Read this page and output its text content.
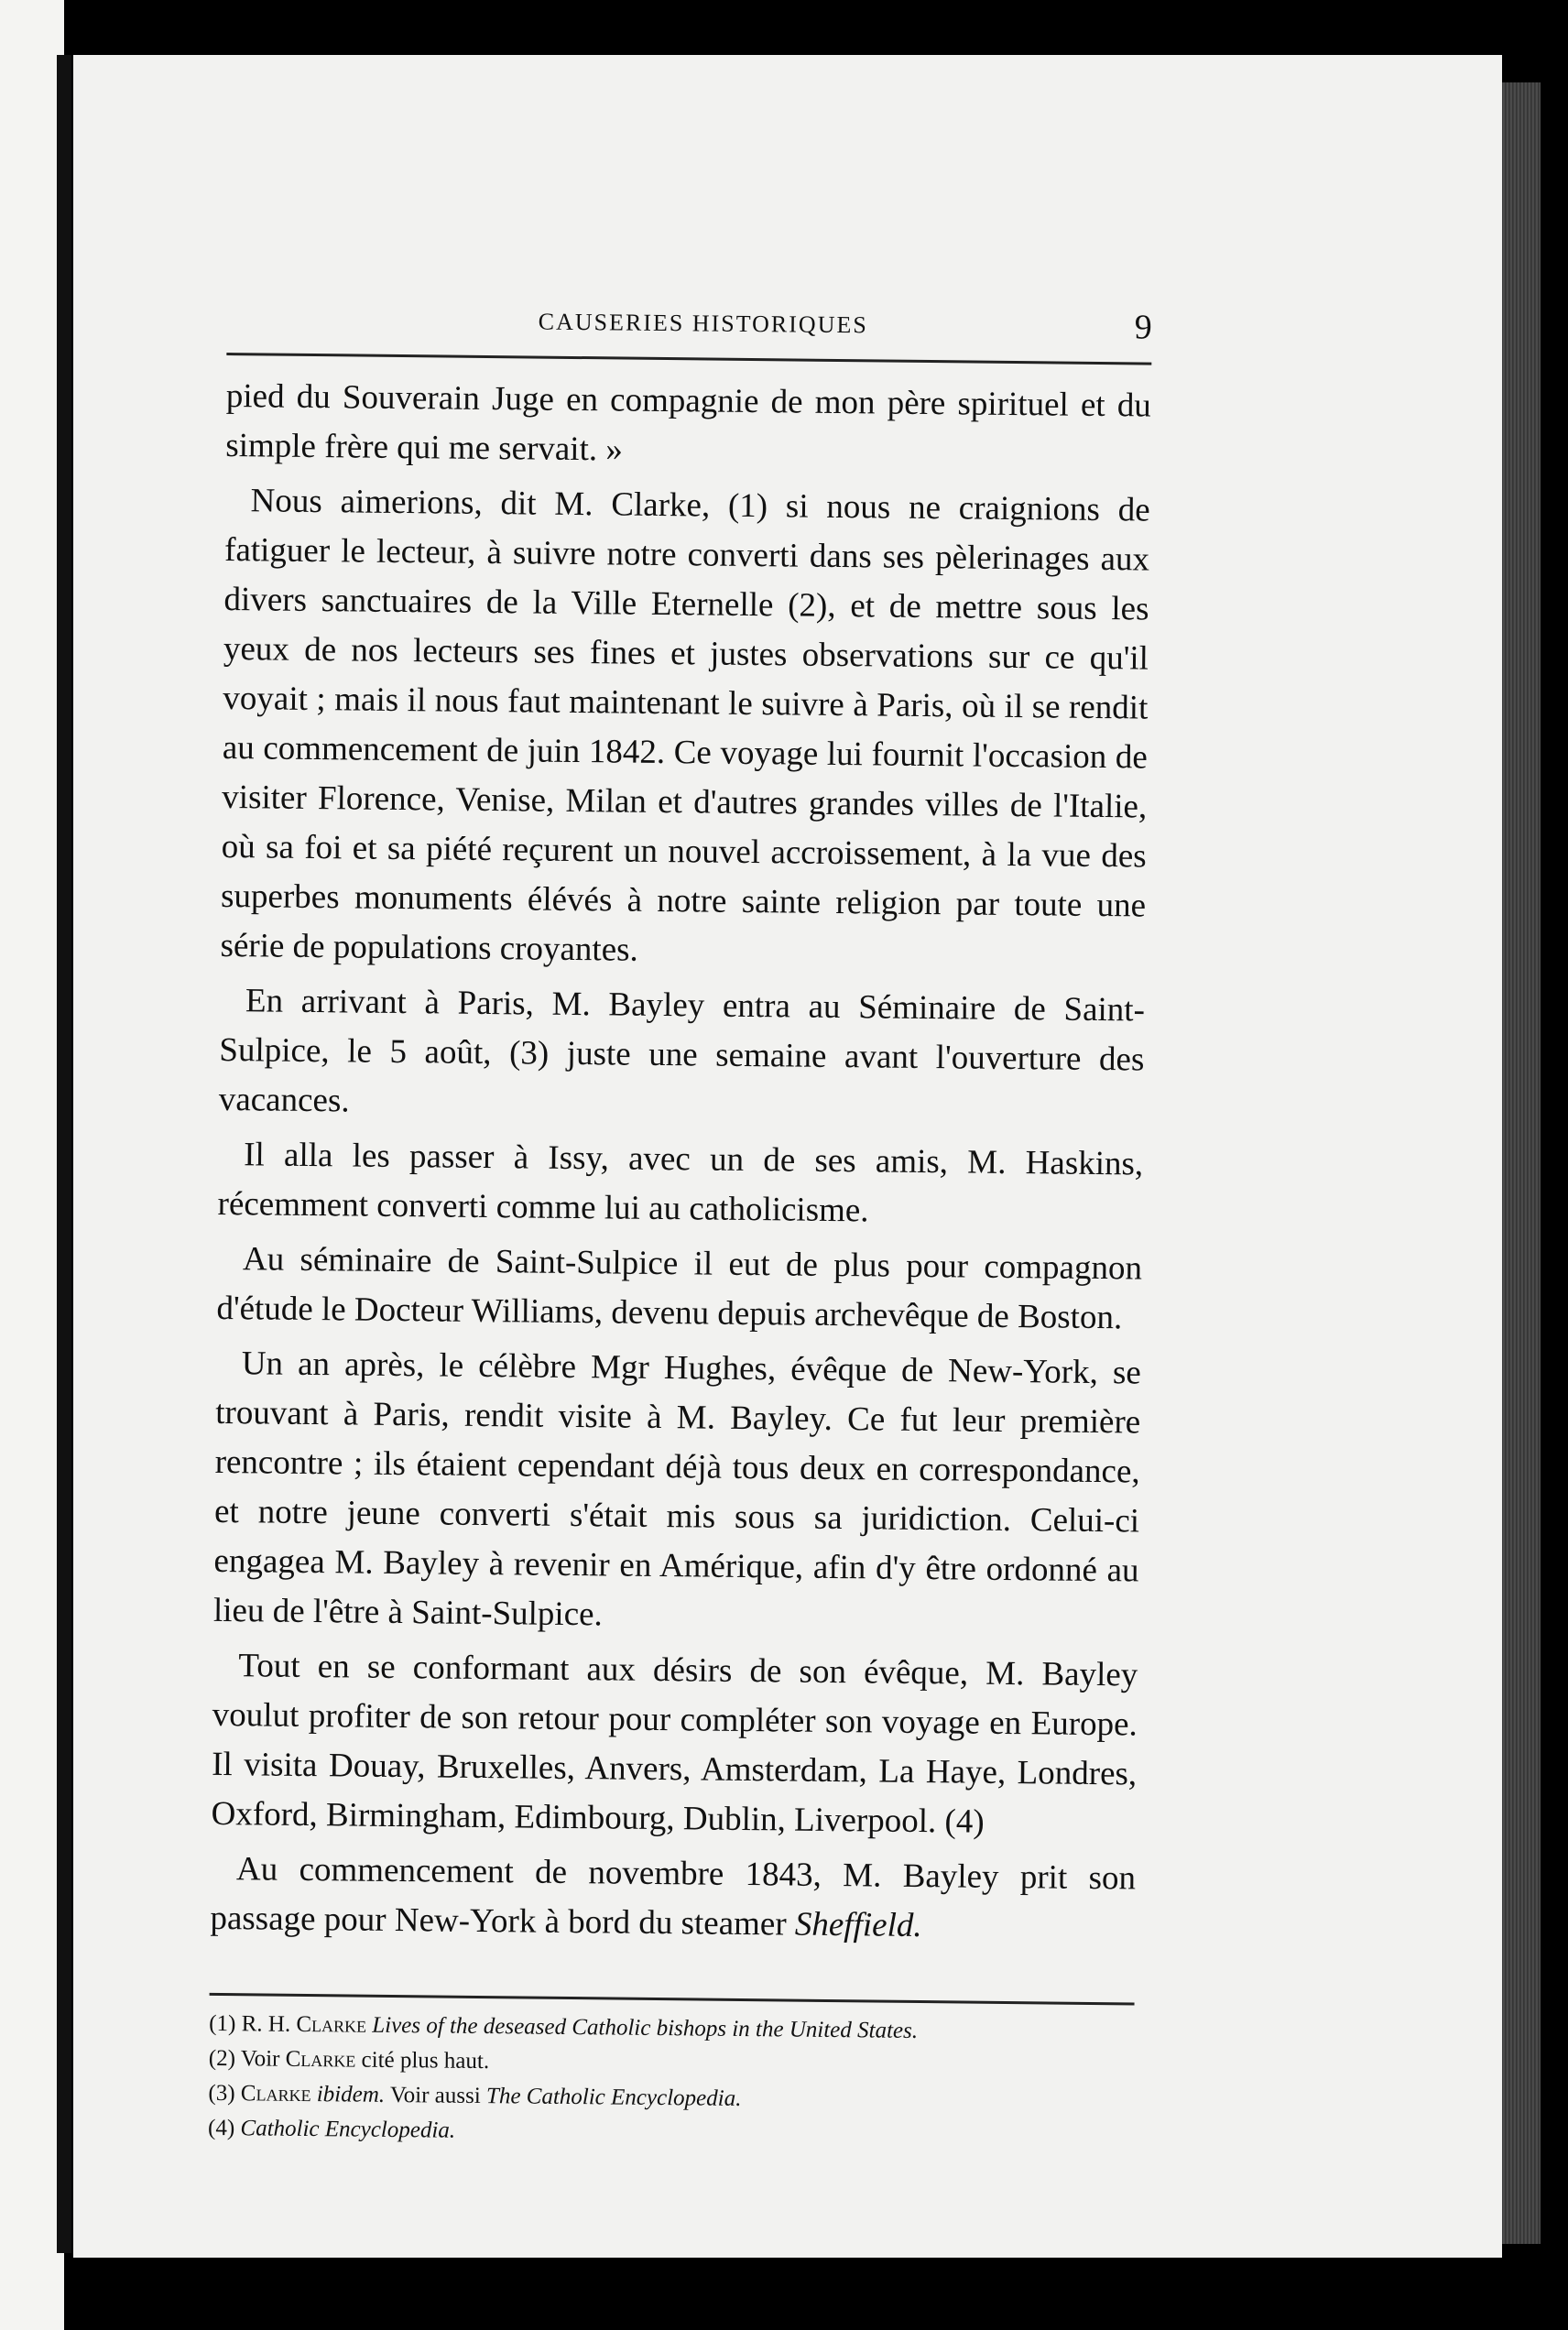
CAUSERIES HISTORIQUES	9

pied du Souverain Juge en compagnie de mon père spirituel et du simple frère qui me servait. »

Nous aimerions, dit M. Clarke, (1) si nous ne craignions de fatiguer le lecteur, à suivre notre converti dans ses pèlerinages aux divers sanctuaires de la Ville Eternelle (2), et de mettre sous les yeux de nos lecteurs ses fines et justes observations sur ce qu'il voyait ; mais il nous faut maintenant le suivre à Paris, où il se rendit au commencement de juin 1842. Ce voyage lui fournit l'occasion de visiter Florence, Venise, Milan et d'autres grandes villes de l'Italie, où sa foi et sa piété reçurent un nouvel accroissement, à la vue des superbes monuments élévés à notre sainte religion par toute une série de populations croyantes.

En arrivant à Paris, M. Bayley entra au Séminaire de Saint-Sulpice, le 5 août, (3) juste une semaine avant l'ouverture des vacances.

Il alla les passer à Issy, avec un de ses amis, M. Haskins, récemment converti comme lui au catholicisme.

Au séminaire de Saint-Sulpice il eut de plus pour compagnon d'étude le Docteur Williams, devenu depuis archevêque de Boston.

Un an après, le célèbre Mgr Hughes, évêque de New-York, se trouvant à Paris, rendit visite à M. Bayley. Ce fut leur première rencontre ; ils étaient cependant déjà tous deux en correspondance, et notre jeune converti s'était mis sous sa juridiction. Celui-ci engagea M. Bayley à revenir en Amérique, afin d'y être ordonné au lieu de l'être à Saint-Sulpice.

Tout en se conformant aux désirs de son évêque, M. Bayley voulut profiter de son retour pour compléter son voyage en Europe. Il visita Douay, Bruxelles, Anvers, Amsterdam, La Haye, Londres, Oxford, Birmingham, Edimbourg, Dublin, Liverpool. (4)

Au commencement de novembre 1843, M. Bayley prit son passage pour New-York à bord du steamer Sheffield.

(1) R. H. Clarke Lives of the deseased Catholic bishops in the United States.

(2) Voir Clarke cité plus haut.

(3) Clarke ibidem. Voir aussi The Catholic Encyclopedia.

(4) Catholic Encyclopedia.
